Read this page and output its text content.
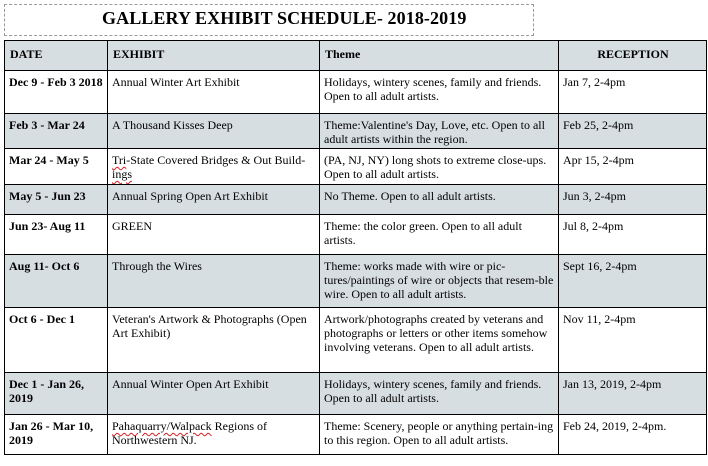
GALLERY EXHIBIT SCHEDULE- 2018-2019
DATE	EXHIBIT	Theme	RECEPTION
Dec 9 - Feb 3 2018	Annual Winter Art Exhibit	Holidays, wintery scenes, family and friends. Open to all adult artists.	Jan 7, 2-4pm
Feb 3 - Mar 24	A Thousand Kisses Deep	Theme:Valentine's Day, Love, etc. Open to all adult artists within the region.	Feb 25, 2-4pm
Mar 24 - May 5	Tri-State Covered Bridges & Out Build-ings	(PA, NJ, NY) long shots to extreme close-ups. Open to all adult artists.	Apr 15, 2-4pm
May 5 - Jun 23	Annual Spring Open Art Exhibit	No Theme. Open to all adult artists.	Jun 3, 2-4pm
Jun 23- Aug 11	GREEN	Theme: the color green. Open to all adult artists.	Jul 8, 2-4pm
Aug 11- Oct 6	Through the Wires	Theme: works made with wire or pic-tures/paintings of wire or objects that resem-ble wire. Open to all adult artists.	Sept 16, 2-4pm
Oct 6 - Dec 1	Veteran's Artwork & Photographs (Open Art Exhibit)	Artwork/photographs created by veterans and photographs or letters or other items somehow involving veterans. Open to all adult artists.	Nov 11, 2-4pm
Dec 1 - Jan 26, 2019	Annual Winter Open Art Exhibit	Holidays, wintery scenes, family and friends. Open to all adult artists.	Jan 13, 2019, 2-4pm
Jan 26 - Mar 10, 2019	Pahaquarry/Walpack Regions of Northwestern NJ.	Theme: Scenery, people or anything pertain-ing to this region. Open to all adult artists.	Feb 24, 2019, 2-4pm.
